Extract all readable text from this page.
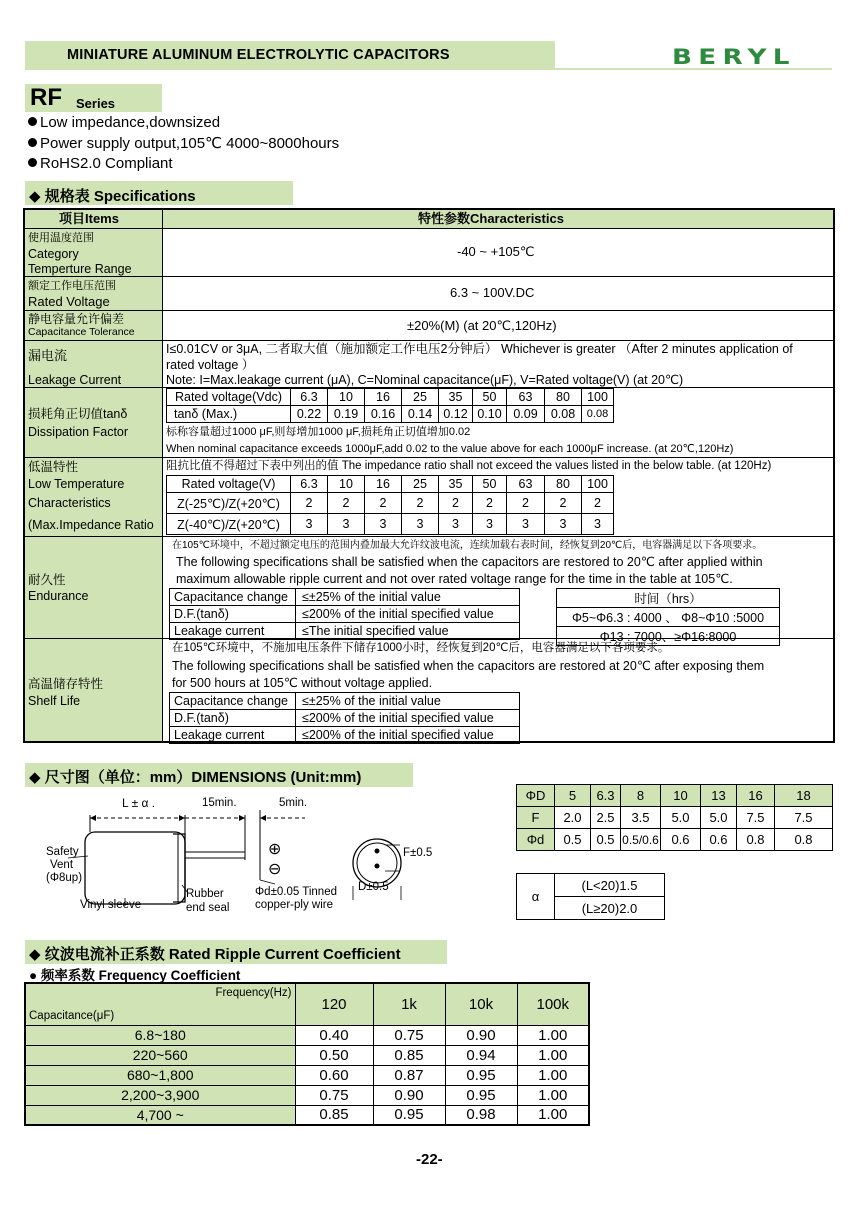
MINIATURE ALUMINUM ELECTROLYTIC CAPACITORS	BERYL
RF Series
Low impedance,downsized
Power supply output,105℃ 4000~8000hours
RoHS2.0 Compliant
◆ 规格表 Specifications
项目Items	特性参数Characteristics
使用温度范围
Category
Temperture Range
-40 ~ +105℃
额定工作电压范围
Rated Voltage
6.3 ~ 100V.DC
静电容量允许偏差
Capacitance Tolerance	±20%(M) (at 20℃,120Hz)
漏电流
Leakage Current
I≤0.01CV or 3μA, 二者取大值（施加额定工作电压2分钟后） Whichever is greater （After 2 minutes application of
rated voltage ）
Note: I=Max.leakage current (μA), C=Nominal capacitance(μF), V=Rated voltage(V) (at 20℃)
损耗角正切值tanδ
Dissipation Factor
Rated voltage(Vdc)	6.3	10	16	25	35	50	63	80	100
tanδ (Max.)	0.22	0.19	0.16	0.14	0.12	0.10	0.09	0.08	0.08
标称容量超过1000 μF,则每增加1000 μF,损耗角正切值增加0.02
When nominal capacitance exceeds 1000μF,add 0.02 to the value above for each 1000μF increase. (at 20℃,120Hz)
低温特性
Low Temperature
Characteristics
(Max.Impedance Ratio
阻抗比值不得超过下表中列出的值 The impedance ratio shall not exceed the values listed in the below table. (at 120Hz)
Rated voltage(V)	6.3	10	16	25	35	50	63	80	100
Z(-25℃)/Z(+20℃)	2	2	2	2	2	2	2	2	2
Z(-40℃)/Z(+20℃)	3	3	3	3	3	3	3	3	3
耐久性
Endurance
在105℃环境中，不超过额定电压的范围内叠加最大允许纹波电流，连续加载右表时间，经恢复到20℃后，电容器满足以下各项要求。
The following specifications shall be satisfied when the capacitors are restored to 20℃ after applied within
maximum allowable ripple current and not over rated voltage range for the time in the table at 105℃.
Capacitance change	≤±25% of the initial value
D.F.(tanδ)	≤200% of the initial specified value
Leakage current	≤The initial specified value
时间（hrs）
Φ5~Φ6.3 : 4000 、 Φ8~Φ10 :5000
Φ13 : 7000、≥Φ16:8000
高温储存特性
Shelf Life
在105℃环境中，不施加电压条件下储存1000小时，经恢复到20℃后，电容器满足以下各项要求。
The following specifications shall be satisfied when the capacitors are restored at 20℃ after exposing them
for 500 hours at 105℃ without voltage applied.
Capacitance change	≤±25% of the initial value
D.F.(tanδ)	≤200% of the initial specified value
Leakage current	≤200% of the initial specified value
◆ 尺寸图（单位：mm）DIMENSIONS (Unit:mm)
L ± α .	15min.	5min.
Safety
Vent
(Φ8up)
Vinyl sleeve
Rubber
end seal
Φd±0.05 Tinned
copper-ply wire
⊕
⊖
F±0.5
D±0.5
ΦD	5	6.3	8	10	13	16	18
F	2.0	2.5	3.5	5.0	5.0	7.5	7.5
Φd	0.5	0.5	0.5/0.6	0.6	0.6	0.8	0.8
α	(L<20)1.5
(L≥20)2.0
◆ 纹波电流补正系数 Rated Ripple Current Coefficient
● 频率系数 Frequency Coefficient
Frequency(Hz)
Capacitance(μF)	120	1k	10k	100k
6.8~180	0.40	0.75	0.90	1.00
220~560	0.50	0.85	0.94	1.00
680~1,800	0.60	0.87	0.95	1.00
2,200~3,900	0.75	0.90	0.95	1.00
4,700 ~	0.85	0.95	0.98	1.00
-22-
